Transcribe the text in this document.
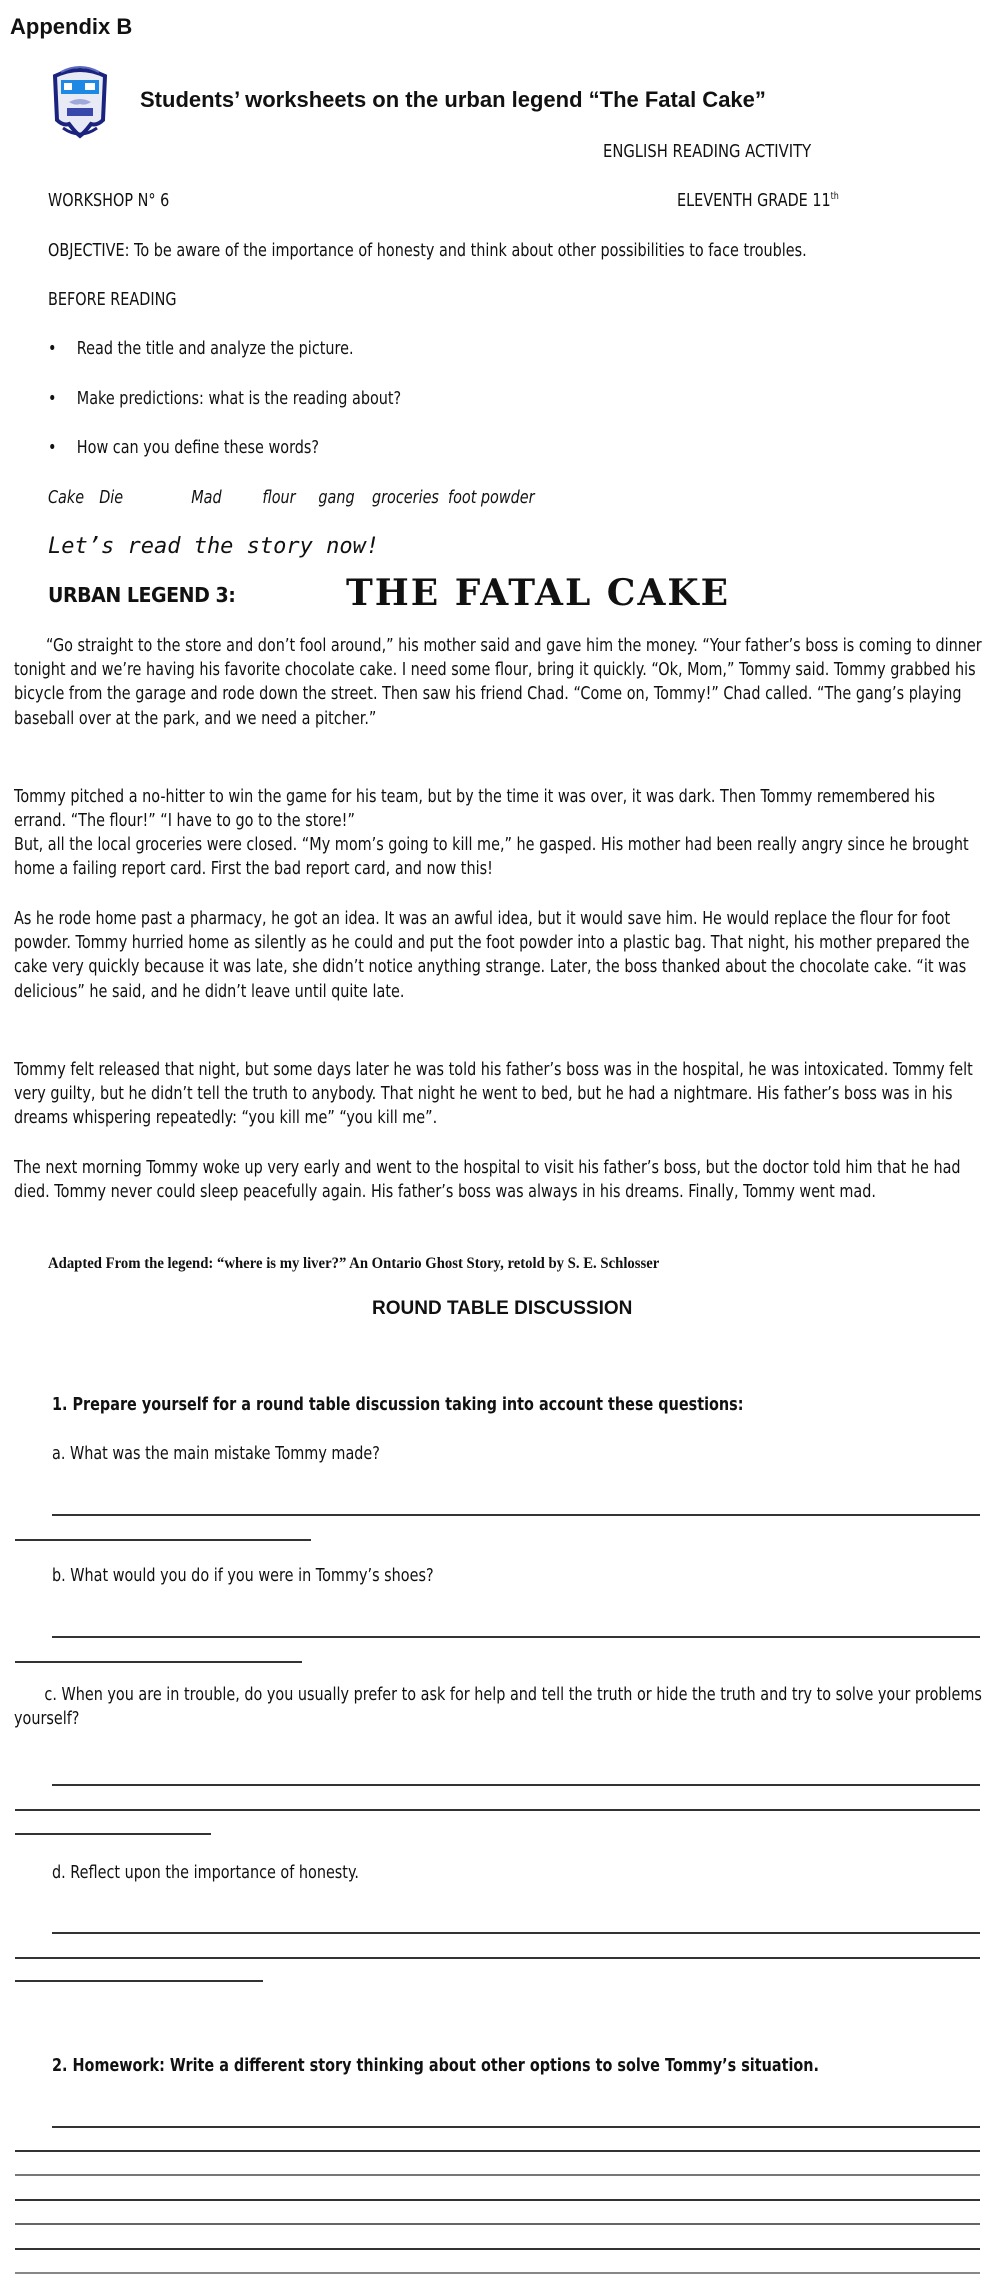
Appendix B
Students’ worksheets on the urban legend “The Fatal Cake”
ENGLISH READING ACTIVITY
WORKSHOP N° 6	ELEVENTH GRADE 11th
OBJECTIVE: To be aware of the importance of honesty and think about other possibilities to face troubles.
BEFORE READING
• Read the title and analyze the picture.
• Make predictions: what is the reading about?
• How can you define these words?
Cake Die	Mad flour gang groceries foot powder
Let’s read the story now!
URBAN LEGEND 3:	THE FATAL CAKE
“Go straight to the store and don’t fool around,” his mother said and gave him the money. “Your father’s boss is coming to dinner tonight and we’re having his favorite chocolate cake. I need some flour, bring it quickly. “Ok, Mom,” Tommy said. Tommy grabbed his bicycle from the garage and rode down the street. Then saw his friend Chad. “Come on, Tommy!” Chad called. “The gang’s playing baseball over at the park, and we need a pitcher.”
Tommy pitched a no-hitter to win the game for his team, but by the time it was over, it was dark. Then Tommy remembered his errand. “The flour!” “I have to go to the store!”
But, all the local groceries were closed. “My mom’s going to kill me,” he gasped. His mother had been really angry since he brought home a failing report card. First the bad report card, and now this!
As he rode home past a pharmacy, he got an idea. It was an awful idea, but it would save him. He would replace the flour for foot powder. Tommy hurried home as silently as he could and put the foot powder into a plastic bag. That night, his mother prepared the cake very quickly because it was late, she didn’t notice anything strange. Later, the boss thanked about the chocolate cake. “it was delicious” he said, and he didn’t leave until quite late.
Tommy felt released that night, but some days later he was told his father’s boss was in the hospital, he was intoxicated. Tommy felt very guilty, but he didn’t tell the truth to anybody. That night he went to bed, but he had a nightmare. His father’s boss was in his dreams whispering repeatedly: “you kill me” “you kill me”.
The next morning Tommy woke up very early and went to the hospital to visit his father’s boss, but the doctor told him that he had died. Tommy never could sleep peacefully again. His father’s boss was always in his dreams. Finally, Tommy went mad.
Adapted From the legend: “where is my liver?” An Ontario Ghost Story, retold by S. E. Schlosser
ROUND TABLE DISCUSSION
1. Prepare yourself for a round table discussion taking into account these questions:
a. What was the main mistake Tommy made?
b. What would you do if you were in Tommy’s shoes?
c. When you are in trouble, do you usually prefer to ask for help and tell the truth or hide the truth and try to solve your problems yourself?
d. Reflect upon the importance of honesty.
2. Homework: Write a different story thinking about other options to solve Tommy’s situation.
